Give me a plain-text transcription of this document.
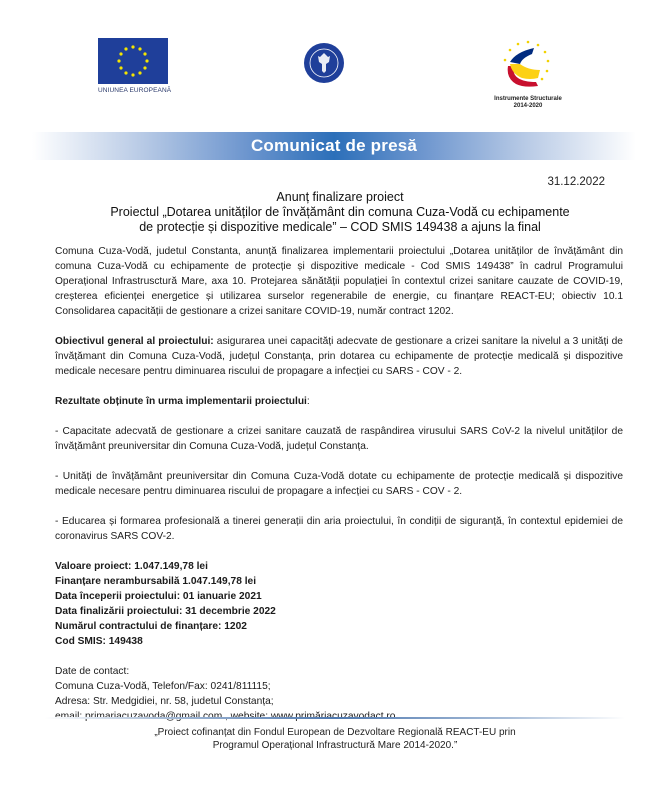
UNIUNEA EUROPEANĂ
Instrumente Structurale
2014-2020
Comunicat de presă
31.12.2022
Anunț finalizare proiect
Proiectul „Dotarea unităților de învățământ din comuna Cuza-Vodă cu echipamente
de protecție și dispozitive medicale” – COD SMIS 149438 a ajuns la final

Comuna Cuza-Vodă, judetul Constanta, anunță finalizarea implementarii proiectului „Dotarea unităților de învățământ din comuna Cuza-Vodă cu echipamente de protecție și dispozitive medicale - Cod SMIS 149438” în cadrul Programului Operațional Infrastrusctură Mare, axa 10. Protejarea sănătății populației în contextul crizei sanitare cauzate de COVID-19, creșterea eficienței energetice și utilizarea surselor regenerabile de energie, cu finanțare REACT-EU; obiectiv 10.1 Consolidarea capacității de gestionare a crizei sanitare COVID-19, număr contract 1202.

Obiectivul general al proiectului: asigurarea unei capacități adecvate de gestionare a crizei sanitare la nivelul a 3 unități de învățămant din Comuna Cuza-Vodă, județul Constanța, prin dotarea cu echipamente de protecție medicală și dispozitive medicale necesare pentru diminuarea riscului de propagare a infecției cu SARS - COV - 2.

Rezultate obținute în urma implementarii proiectului:

- Capacitate adecvată de gestionare a crizei sanitare cauzată de raspândirea virusului SARS CoV-2 la nivelul unităților de învățământ preuniversitar din Comuna Cuza-Vodă, județul Constanța.

- Unități de învățământ preuniversitar din Comuna Cuza-Vodă dotate cu echipamente de protecție medicală și dispozitive medicale necesare pentru diminuarea riscului de propagare a infecției cu SARS - COV - 2.

- Educarea și formarea profesională a tinerei generații din aria proiectului, în condiții de siguranță, în contextul epidemiei de coronavirus SARS COV-2.

Valoare proiect: 1.047.149,78 lei

Finanțare nerambursabilă 1.047.149,78 lei

Data începerii proiectului: 01 ianuarie 2021

Data finalizării proiectului: 31 decembrie 2022

Numărul contractului de finanțare: 1202

Cod SMIS: 149438

Date de contact:

Comuna Cuza-Vodă, Telefon/Fax: 0241/811115;

Adresa: Str. Medgidiei, nr. 58, judetul Constanța;

„Proiect cofinanțat din Fondul European de Dezvoltare Regională REACT-EU prin
Programul Operațional Infrastructură Mare 2014-2020.”
